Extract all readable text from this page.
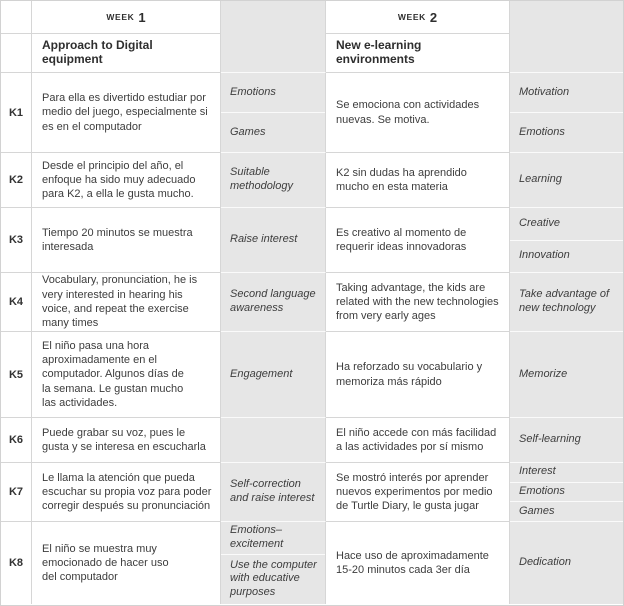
WEEK 1
Approach to Digital equipment
WEEK 2
New e-learning environments
K1

Para ella es divertido estudiar por medio del juego, especialmente si es en el computador

Emotions
Games

Se emociona con actividades nuevas. Se motiva.

Motivation
Emotions
K2

Desde el principio del año, el enfoque ha sido muy adecuado para K2, a ella le gusta mucho.

Suitable methodology

K2 sin dudas ha aprendido mucho en esta materia

Learning
K3

Tiempo 20 minutos se muestra interesada

Raise interest

Es creativo al momento de requerir ideas innovadoras

Creative
Innovation
K4

Vocabulary, pronunciation, he is very interested in hearing his voice, and repeat the exercise many times

Second language awareness

Taking advantage, the kids are related with the new technologies from very early ages

Take advantage of new technology
K5

El niño pasa una hora aproximadamente en el computador. Algunos días de la semana. Le gustan mucho las actividades.

Engagement

Ha reforzado su vocabulario y memoriza más rápido

Memorize
K6

Puede grabar su voz, pues le gusta y se interesa en escucharla

El niño accede con más facilidad a las actividades por sí mismo

Self-learning
K7

Le llama la atención que pueda escuchar su propia voz para poder corregir después su pronunciación

Self-correction and raise interest

Se mostró interés por aprender nuevos experimentos por medio de Turtle Diary, le gusta jugar

Interest
Emotions
Games
K8

El niño se muestra muy emocionado de hacer uso del computador

Emotions– excitement
Use the computer with educative purposes

Hace uso de aproximadamente 15-20 minutos cada 3er día

Dedication
